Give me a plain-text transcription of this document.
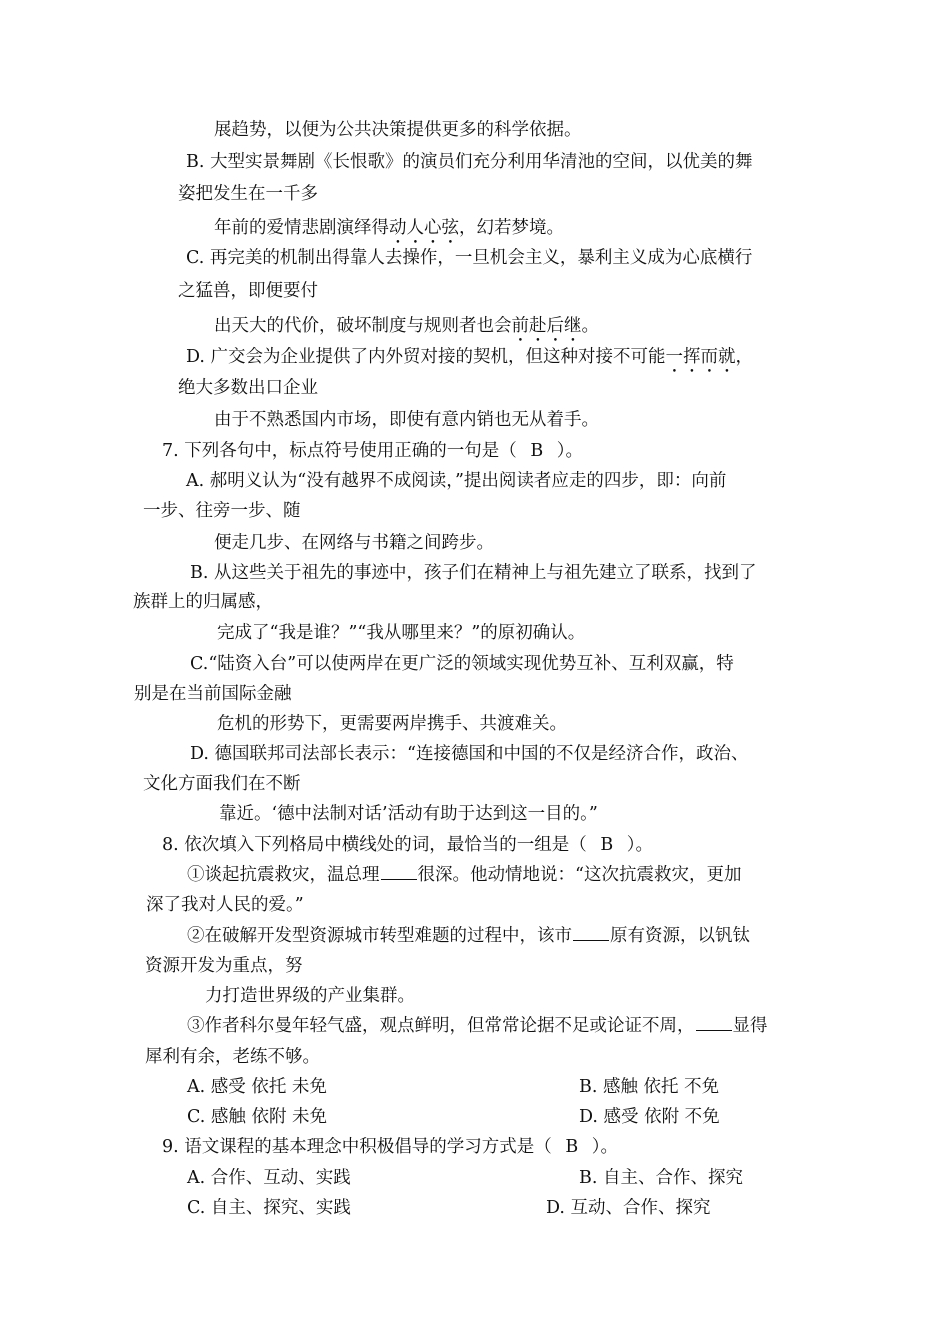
展趋势，以便为公共决策提供更多的科学依据。
B. 大型实景舞剧《长恨歌》的演员们充分利用华清池的空间，以优美的舞
姿把发生在一千多
年前的爱情悲剧演绎得动人心弦，幻若梦境。
C. 再完美的机制出得靠人去操作，一旦机会主义，暴利主义成为心底横行
之猛兽，即便要付
出天大的代价，破坏制度与规则者也会前赴后继。
D. 广交会为企业提供了内外贸对接的契机，但这种对接不可能一挥而就，
绝大多数出口企业
由于不熟悉国内市场，即使有意内销也无从着手。
7. 下列各句中，标点符号使用正确的一句是（ B ）。
A. 郝明义认为“没有越界不成阅读，”提出阅读者应走的四步，即：向前
一步、往旁一步、随
便走几步、在网络与书籍之间跨步。
B. 从这些关于祖先的事迹中，孩子们在精神上与祖先建立了联系，找到了
族群上的归属感，
完成了“我是谁？”“我从哪里来？”的原初确认。
C.“陆资入台”可以使两岸在更广泛的领域实现优势互补、互利双赢，特
别是在当前国际金融
危机的形势下，更需要两岸携手、共渡难关。
D. 德国联邦司法部长表示：“连接德国和中国的不仅是经济合作，政治、
文化方面我们在不断
靠近。‘德中法制对话’活动有助于达到这一目的。”
8. 依次填入下列格局中横线处的词，最恰当的一组是（ B ）。
①谈起抗震救灾，温总理 很深。他动情地说：“这次抗震救灾，更加
深了我对人民的爱。”
②在破解开发型资源城市转型难题的过程中，该市 原有资源，以钒钛
资源开发为重点，努
力打造世界级的产业集群。
③作者科尔曼年轻气盛，观点鲜明，但常常论据不足或论证不周， 显得
犀利有余，老练不够。
A. 感受 依托 未免	B. 感触 依托 不免
C. 感触 依附 未免	D. 感受 依附 不免
9. 语文课程的基本理念中积极倡导的学习方式是（ B ）。
A. 合作、互动、实践	B. 自主、合作、探究
C. 自主、探究、实践	D. 互动、合作、探究
